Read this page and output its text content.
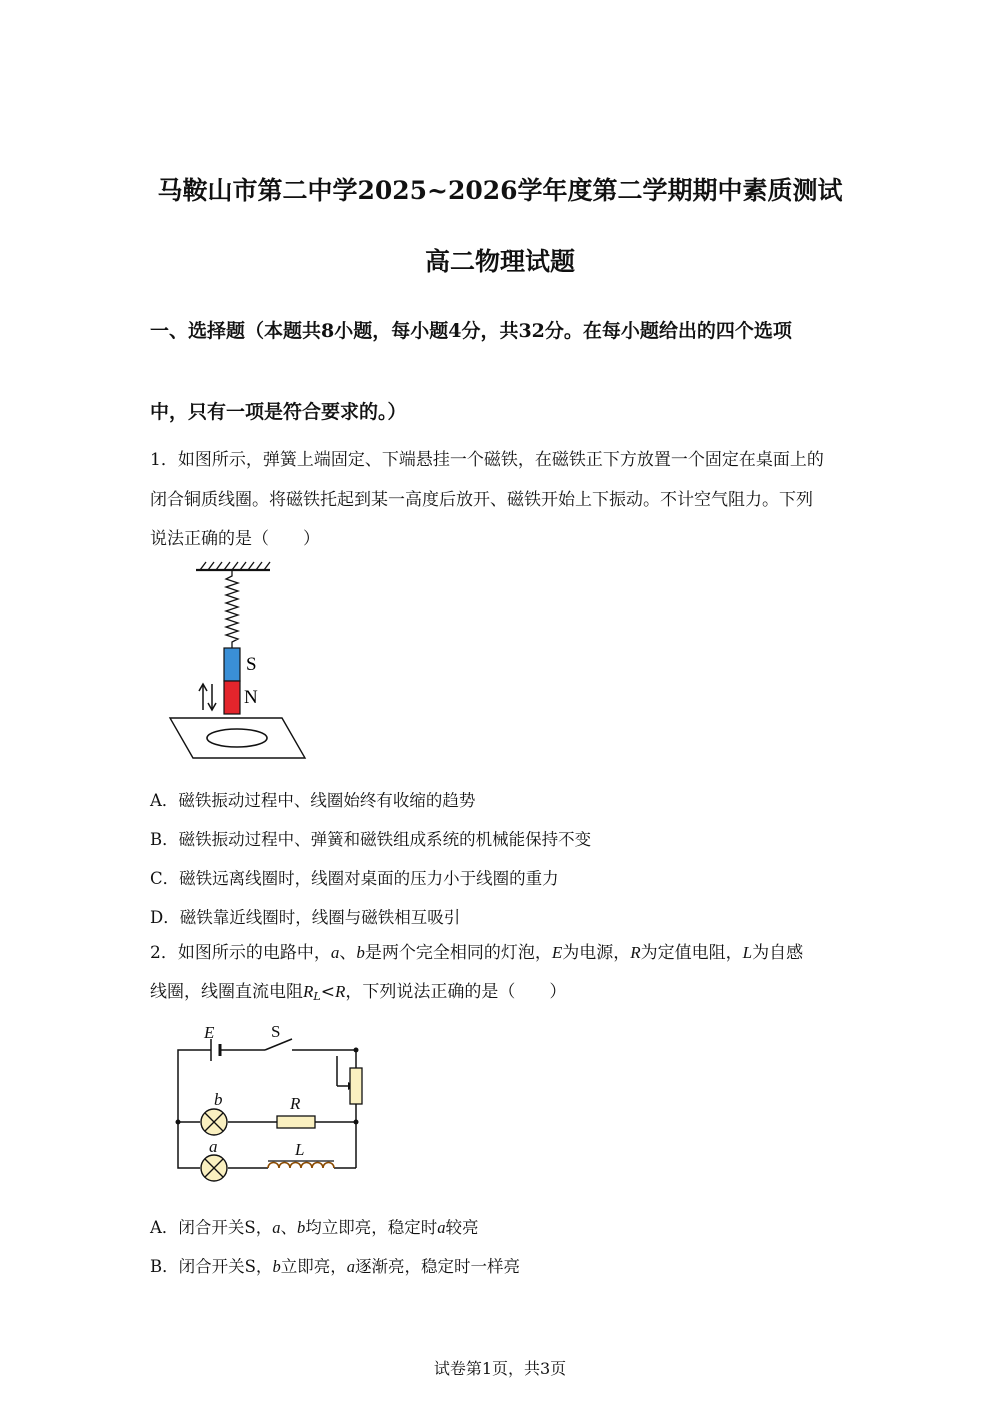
马鞍山市第二中学2025~2026学年度第二学期期中素质测试
高二物理试题
一、选择题（本题共8小题，每小题4分，共32分。在每小题给出的四个选项
中，只有一项是符合要求的。）
1．如图所示，弹簧上端固定、下端悬挂一个磁铁，在磁铁正下方放置一个固定在桌面上的
闭合铜质线圈。将磁铁托起到某一高度后放开、磁铁开始上下振动。不计空气阻力。下列
说法正确的是（　　）
S
N
A．磁铁振动过程中、线圈始终有收缩的趋势
B．磁铁振动过程中、弹簧和磁铁组成系统的机械能保持不变
C．磁铁远离线圈时，线圈对桌面的压力小于线圈的重力
D．磁铁靠近线圈时，线圈与磁铁相互吸引
2．如图所示的电路中，a、b是两个完全相同的灯泡，E为电源，R为定值电阻，L为自感
线圈，线圈直流电阻$R_L<R$，下列说法正确的是（　　）
E	S
b	R
a	L
A．闭合开关S，a、b均立即亮，稳定时a较亮
B．闭合开关S，b立即亮，a逐渐亮，稳定时一样亮
试卷第1页，共3页
